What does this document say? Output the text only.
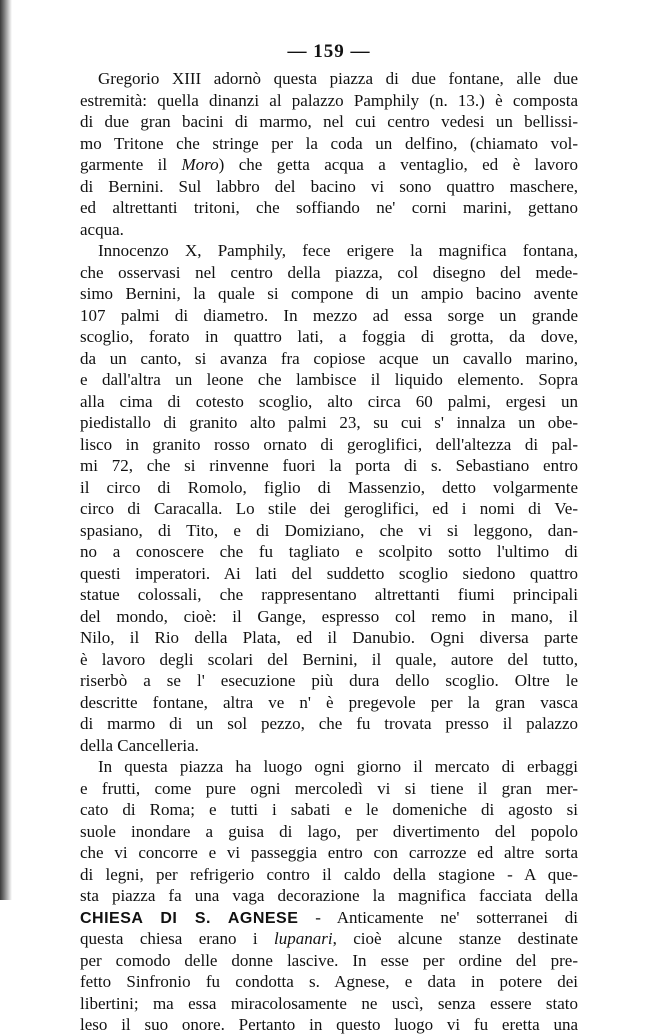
— 159 —
Gregorio XIII adornò questa piazza di due fontane, alle due
estremità: quella dinanzi al palazzo Pamphily (n. 13.) è composta
di due gran bacini di marmo, nel cui centro vedesi un bellissi-
mo Tritone che stringe per la coda un delfino, (chiamato vol-
garmente il Moro) che getta acqua a ventaglio, ed è lavoro
di Bernini. Sul labbro del bacino vi sono quattro maschere,
ed altrettanti tritoni, che soffiando ne' corni marini, gettano
acqua.
Innocenzo X, Pamphily, fece erigere la magnifica fontana,
che osservasi nel centro della piazza, col disegno del mede-
simo Bernini, la quale si compone di un ampio bacino avente
107 palmi di diametro. In mezzo ad essa sorge un grande
scoglio, forato in quattro lati, a foggia di grotta, da dove,
da un canto, si avanza fra copiose acque un cavallo marino,
e dall'altra un leone che lambisce il liquido elemento. Sopra
alla cima di cotesto scoglio, alto circa 60 palmi, ergesi un
piedistallo di granito alto palmi 23, su cui s' innalza un obe-
lisco in granito rosso ornato di geroglifici, dell'altezza di pal-
mi 72, che si rinvenne fuori la porta di s. Sebastiano entro
il circo di Romolo, figlio di Massenzio, detto volgarmente
circo di Caracalla. Lo stile dei geroglifici, ed i nomi di Ve-
spasiano, di Tito, e di Domiziano, che vi si leggono, dan-
no a conoscere che fu tagliato e scolpito sotto l'ultimo di
questi imperatori. Ai lati del suddetto scoglio siedono quattro
statue colossali, che rappresentano altrettanti fiumi principali
del mondo, cioè: il Gange, espresso col remo in mano, il
Nilo, il Rio della Plata, ed il Danubio. Ogni diversa parte
è lavoro degli scolari del Bernini, il quale, autore del tutto,
riserbò a se l' esecuzione più dura dello scoglio. Oltre le
descritte fontane, altra ve n' è pregevole per la gran vasca
di marmo di un sol pezzo, che fu trovata presso il palazzo
della Cancelleria.
In questa piazza ha luogo ogni giorno il mercato di erbaggi
e frutti, come pure ogni mercoledì vi si tiene il gran mer-
cato di Roma; e tutti i sabati e le domeniche di agosto si
suole inondare a guisa di lago, per divertimento del popolo
che vi concorre e vi passeggia entro con carrozze ed altre sorta
di legni, per refrigerio contro il caldo della stagione - A que-
sta piazza fa una vaga decorazione la magnifica facciata della
CHIESA DI S. AGNESE - Anticamente ne' sotterranei di
questa chiesa erano i lupanari, cioè alcune stanze destinate
per comodo delle donne lascive. In esse per ordine del pre-
fetto Sinfronio fu condotta s. Agnese, e data in potere dei
libertini; ma essa miracolosamente ne uscì, senza essere stato
leso il suo onore. Pertanto in questo luogo vi fu eretta una
